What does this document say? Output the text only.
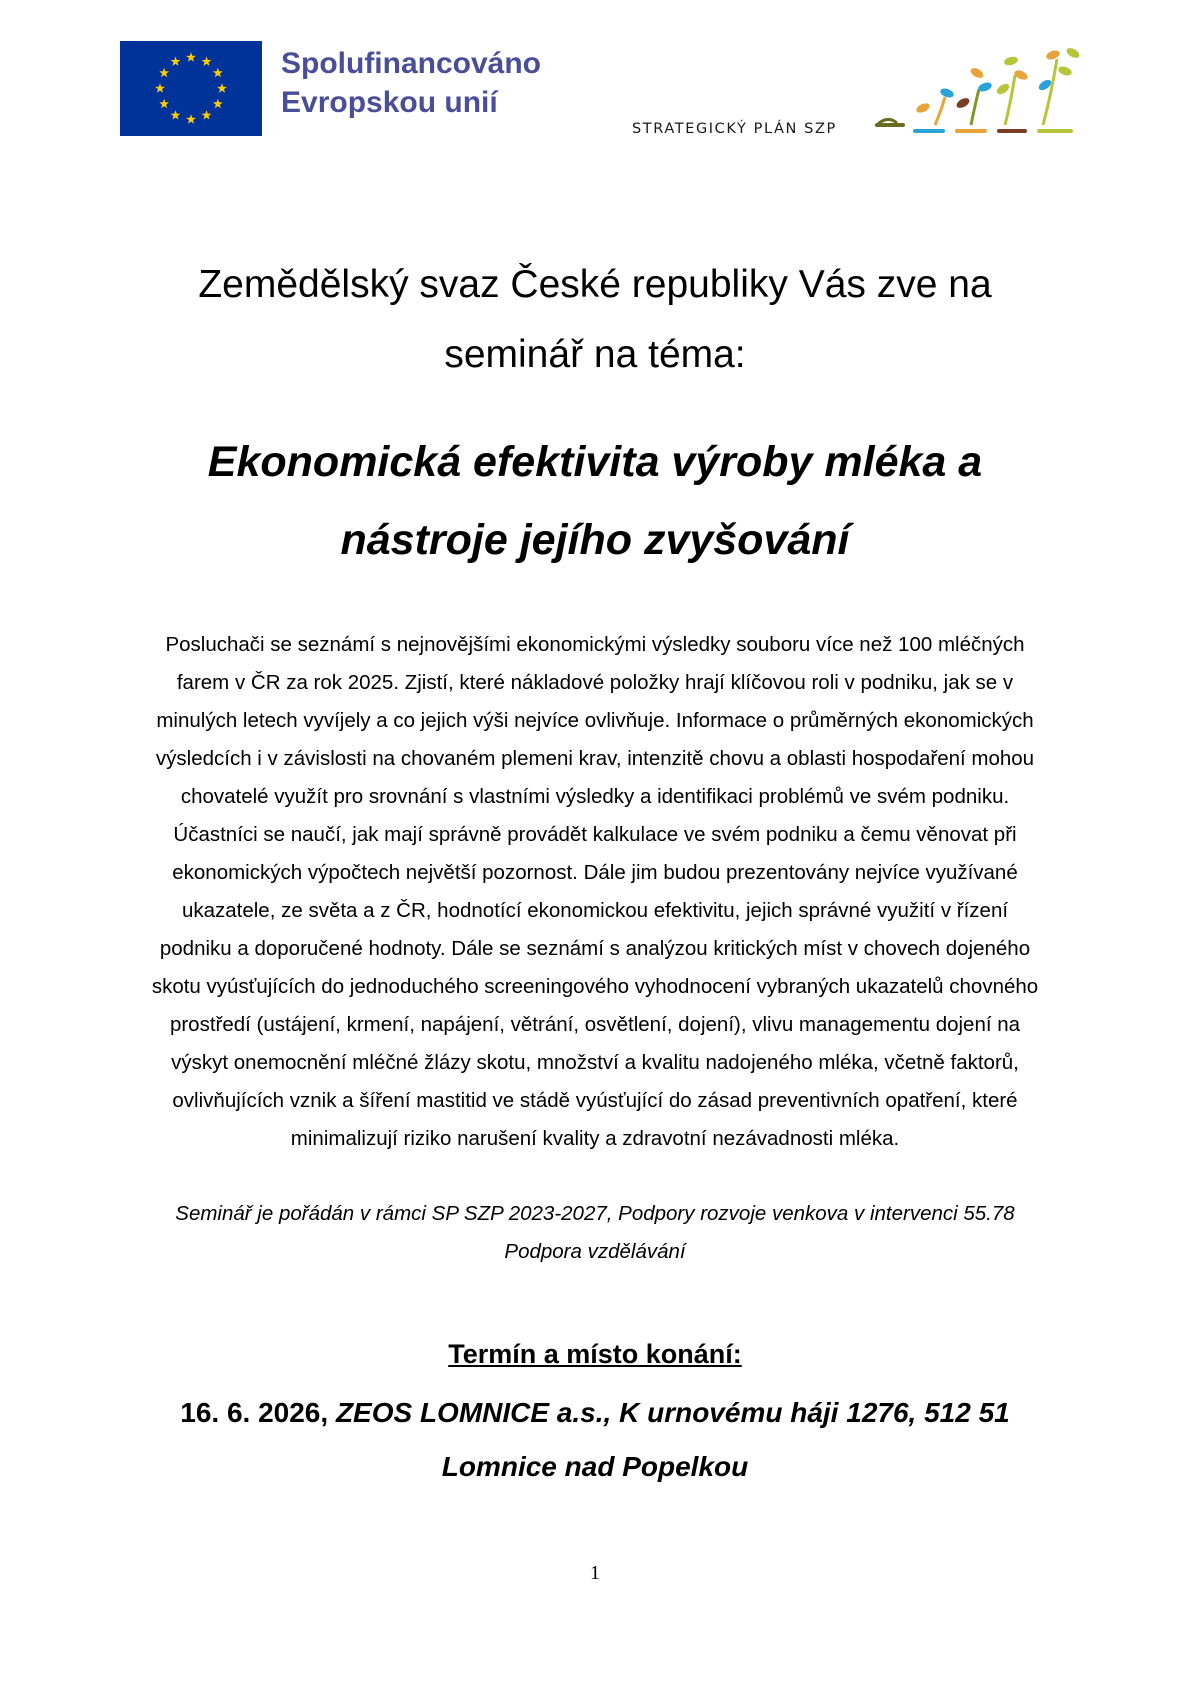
Spolufinancováno
Evropskou unií
STRATEGICKÝ PLÁN SZP
Zemědělský svaz České republiky Vás zve na
seminář na téma:
Ekonomická efektivita výroby mléka a
nástroje jejího zvyšování
Posluchači se seznámí s nejnovějšími ekonomickými výsledky souboru více než 100 mléčných
farem v ČR za rok 2025. Zjistí, které nákladové položky hrají klíčovou roli v podniku, jak se v
minulých letech vyvíjely a co jejich výši nejvíce ovlivňuje. Informace o průměrných ekonomických
výsledcích i v závislosti na chovaném plemeni krav, intenzitě chovu a oblasti hospodaření mohou
chovatelé využít pro srovnání s vlastními výsledky a identifikaci problémů ve svém podniku.
Účastníci se naučí, jak mají správně provádět kalkulace ve svém podniku a čemu věnovat při
ekonomických výpočtech největší pozornost. Dále jim budou prezentovány nejvíce využívané
ukazatele, ze světa a z ČR, hodnotící ekonomickou efektivitu, jejich správné využití v řízení
podniku a doporučené hodnoty. Dále se seznámí s analýzou kritických míst v chovech dojeného
skotu vyúsťujících do jednoduchého screeningového vyhodnocení vybraných ukazatelů chovného
prostředí (ustájení, krmení, napájení, větrání, osvětlení, dojení), vlivu managementu dojení na
výskyt onemocnění mléčné žlázy skotu, množství a kvalitu nadojeného mléka, včetně faktorů,
ovlivňujících vznik a šíření mastitid ve stádě vyúsťující do zásad preventivních opatření, které
minimalizují riziko narušení kvality a zdravotní nezávadnosti mléka.
Seminář je pořádán v rámci SP SZP 2023-2027, Podpory rozvoje venkova v intervenci 55.78
Podpora vzdělávání
Termín a místo konání:
16. 6. 2026, ZEOS LOMNICE a.s., K urnovému háji 1276, 512 51
Lomnice nad Popelkou
1
